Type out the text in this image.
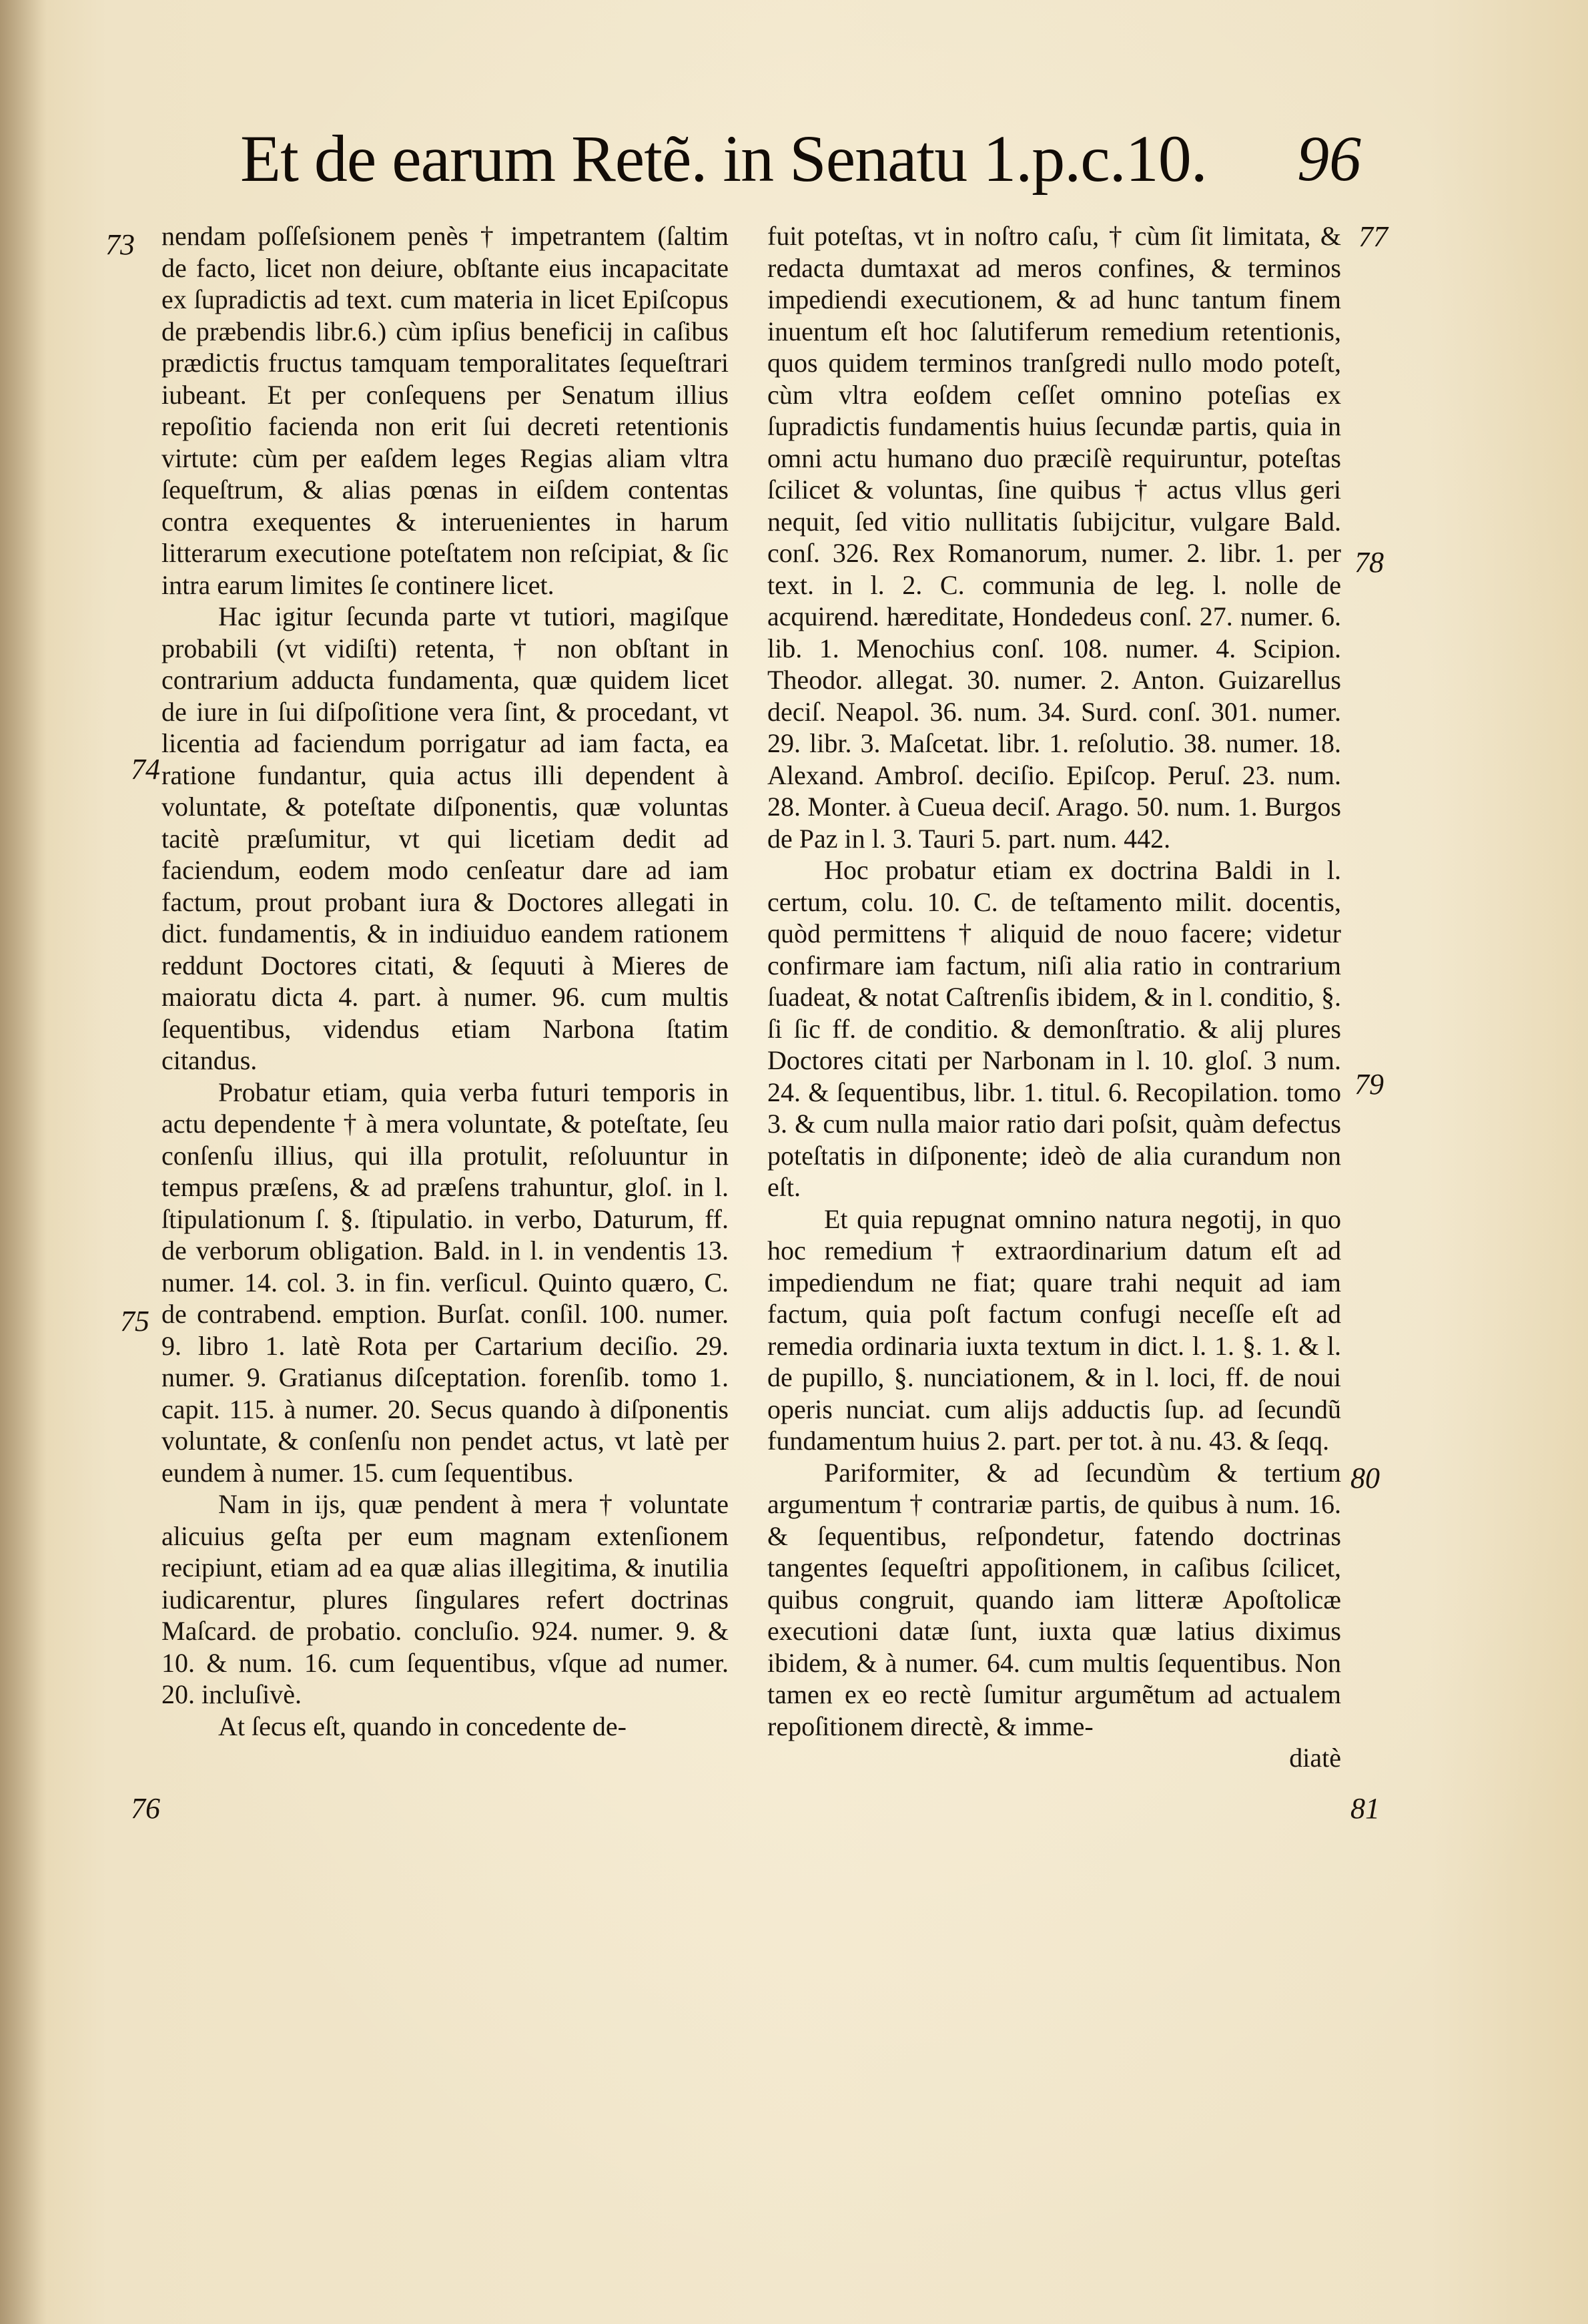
Et de earum Retẽ. in Senatu 1.p.c.10. 96
73
74
75
76
77
78
79
80
81

nendam poſſeſsionem penès † impetrantem (ſaltim de facto, licet non deiure, obſtante eius incapacitate ex ſupradictis ad text. cum materia in licet Epiſcopus de præbendis libr.6.) cùm ipſius beneficij in caſibus prædictis fructus tamquam temporalitates ſequeſtrari iubeant. Et per conſequens per Senatum illius repoſitio facienda non erit ſui decreti retentionis virtute: cùm per eaſdem leges Regias aliam vltra ſequeſtrum, & alias pœnas in eiſdem contentas contra exequentes & interuenientes in harum litterarum executione poteſtatem non reſcipiat, & ſic intra earum limites ſe continere licet.

Hac igitur ſecunda parte vt tutiori, magiſque probabili (vt vidiſti) retenta, † non obſtant in contrarium adducta fundamenta, quæ quidem licet de iure in ſui diſpoſitione vera ſint, & procedant, vt licentia ad faciendum porrigatur ad iam facta, ea ratione fundantur, quia actus illi dependent à voluntate, & poteſtate diſponentis, quæ voluntas tacitè præſumitur, vt qui licetiam dedit ad faciendum, eodem modo cenſeatur dare ad iam factum, prout probant iura & Doctores allegati in dict. fundamentis, & in indiuiduo eandem rationem reddunt Doctores citati, & ſequuti à Mieres de maioratu dicta 4. part. à numer. 96. cum multis ſequentibus, videndus etiam Narbona ſtatim citandus.

Probatur etiam, quia verba futuri temporis in actu dependente † à mera voluntate, & poteſtate, ſeu conſenſu illius, qui illa protulit, reſoluuntur in tempus præſens, & ad præſens trahuntur, gloſ. in l. ſtipulationum ſ. §. ſtipulatio. in verbo, Daturum, ff. de verborum obligation. Bald. in l. in vendentis 13. numer. 14. col. 3. in fin. verſicul. Quinto quæro, C. de contrabend. emption. Burſat. conſil. 100. numer. 9. libro 1. latè Rota per Cartarium deciſio. 29. numer. 9. Gratianus diſceptation. forenſib. tomo 1. capit. 115. à numer. 20. Secus quando à diſponentis voluntate, & conſenſu non pendet actus, vt latè per eundem à numer. 15. cum ſequentibus.

Nam in ijs, quæ pendent à mera † voluntate alicuius geſta per eum magnam extenſionem recipiunt, etiam ad ea quæ alias illegitima, & inutilia iudicarentur, plures ſingulares refert doctrinas Maſcard. de probatio. concluſio. 924. numer. 9. & 10. & num. 16. cum ſequentibus, vſque ad numer. 20. incluſivè.

At ſecus eſt, quando in concedente de-

fuit poteſtas, vt in noſtro caſu, † cùm ſit limitata, & redacta dumtaxat ad meros confines, & terminos impediendi executionem, & ad hunc tantum finem inuentum eſt hoc ſalutiferum remedium retentionis, quos quidem terminos tranſgredi nullo modo poteſt, cùm vltra eoſdem ceſſet omnino poteſias ex ſupradictis fundamentis huius ſecundæ partis, quia in omni actu humano duo præciſè requiruntur, poteſtas ſcilicet & voluntas, ſine quibus † actus vllus geri nequit, ſed vitio nullitatis ſubijcitur, vulgare Bald. conſ. 326. Rex Romanorum, numer. 2. libr. 1. per text. in l. 2. C. communia de leg. l. nolle de acquirend. hæreditate, Hondedeus conſ. 27. numer. 6. lib. 1. Menochius conſ. 108. numer. 4. Scipion. Theodor. allegat. 30. numer. 2. Anton. Guizarellus deciſ. Neapol. 36. num. 34. Surd. conſ. 301. numer. 29. libr. 3. Maſcetat. libr. 1. reſolutio. 38. numer. 18. Alexand. Ambroſ. deciſio. Epiſcop. Peruſ. 23. num. 28. Monter. à Cueua deciſ. Arago. 50. num. 1. Burgos de Paz in l. 3. Tauri 5. part. num. 442.

Hoc probatur etiam ex doctrina Baldi in l. certum, colu. 10. C. de teſtamento milit. docentis, quòd permittens † aliquid de nouo facere; videtur confirmare iam factum, niſi alia ratio in contrarium ſuadeat, & notat Caſtrenſis ibidem, & in l. conditio, §. ſi ſic ff. de conditio. & demonſtratio. & alij plures Doctores citati per Narbonam in l. 10. gloſ. 3 num. 24. & ſequentibus, libr. 1. titul. 6. Recopilation. tomo 3. & cum nulla maior ratio dari poſsit, quàm defectus poteſtatis in diſponente; ideò de alia curandum non eſt.

Et quia repugnat omnino natura negotij, in quo hoc remedium † extraordinarium datum eſt ad impediendum ne fiat; quare trahi nequit ad iam factum, quia poſt factum confugi neceſſe eſt ad remedia ordinaria iuxta textum in dict. l. 1. §. 1. & l. de pupillo, §. nunciationem, & in l. loci, ff. de noui operis nunciat. cum alijs adductis ſup. ad ſecundũ fundamentum huius 2. part. per tot. à nu. 43. & ſeqq.

Pariformiter, & ad ſecundùm & tertium argumentum † contrariæ partis, de quibus à num. 16. & ſequentibus, reſpondetur, fatendo doctrinas tangentes ſequeſtri appoſitionem, in caſibus ſcilicet, quibus congruit, quando iam litteræ Apoſtolicæ executioni datæ ſunt, iuxta quæ latius diximus ibidem, & à numer. 64. cum multis ſequentibus. Non tamen ex eo rectè ſumitur argumẽtum ad actualem repoſitionem directè, & imme-

diatè
